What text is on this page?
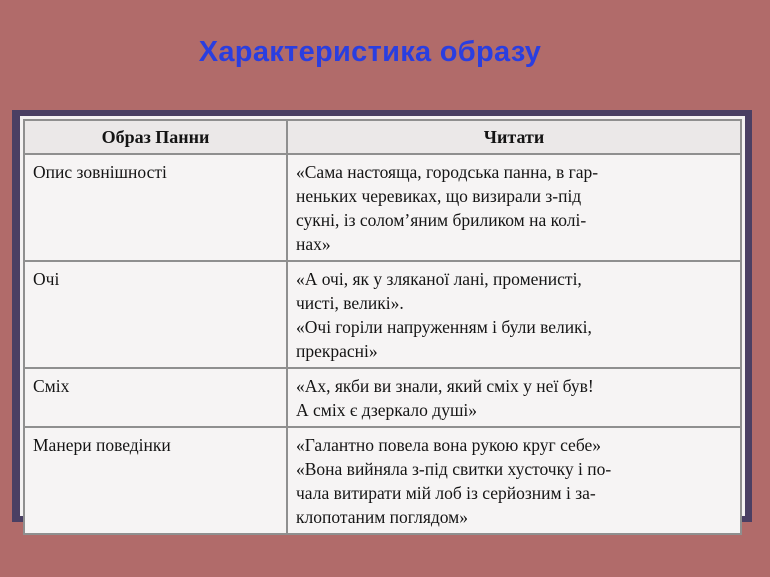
Характеристика образу
Образ Панни	Читати
Опис зовнішності	«Сама настояща, городська панна, в гар-
неньких черевиках, що визирали з-під
сукні, із солом’яним бриликом на колі-
нах»

Очі	«А очі, як у зляканої лані, променисті,
чисті, великі».
«Очі горіли напруженням і були великі,
прекрасні»

Сміх	«Ах, якби ви знали, який сміх у неї був!
А сміх є дзеркало душі»

Манери поведінки	«Галантно повела вона рукою круг себе»
«Вона вийняла з-під свитки хусточку і по-
чала витирати мій лоб із серйозним і за-
клопотаним поглядом»
